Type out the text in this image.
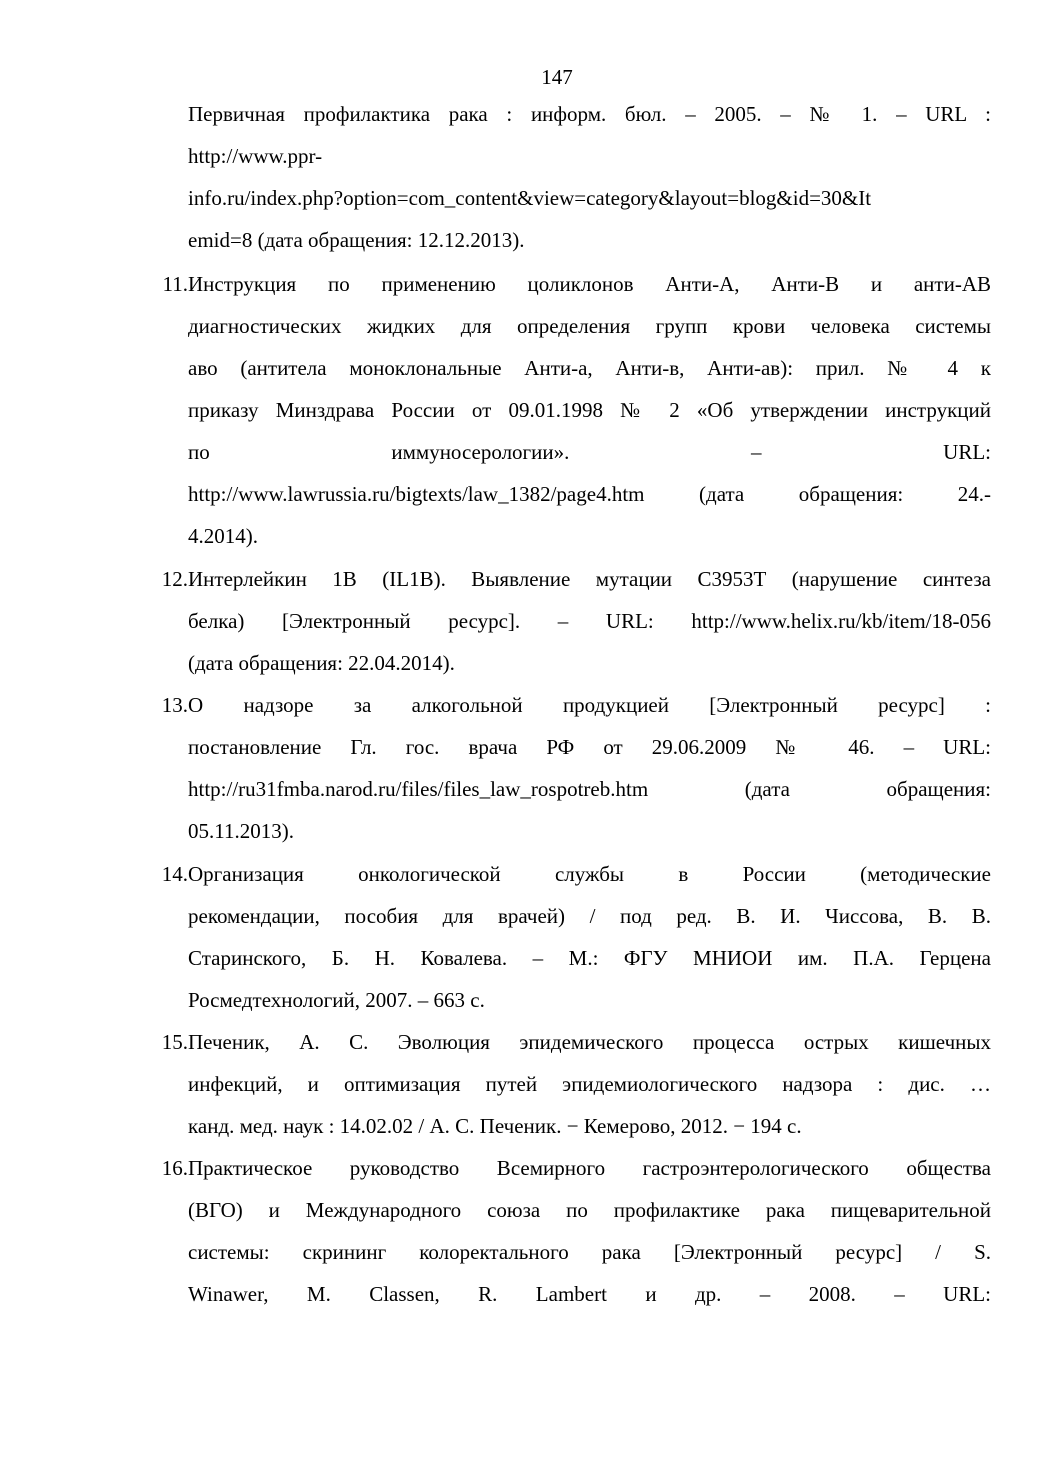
147
Первичная профилактика рака : информ. бюл. – 2005. – № 1. – URL :
http://www.ppr-
info.ru/index.php?option=com_content&view=category&layout=blog&id=30&It
emid=8 (дата обращения: 12.12.2013).
11. Инструкция по применению цоликлонов Анти-А, Анти-В и анти-АВ
диагностических жидких для определения групп крови человека системы
аво (антитела моноклональные Анти-а, Анти-в, Анти-ав): прил. № 4 к
приказу Минздрава России от 09.01.1998 № 2 «Об утверждении инструкций
по иммуносерологии». – URL:
http://www.lawrussia.ru/bigtexts/law_1382/page4.htm (дата обращения: 24.-
4.2014).
12. Интерлейкин 1В (IL1B). Выявление мутации С3953Т (нарушение синтеза
белка) [Электронный ресурс]. – URL: http://www.helix.ru/kb/item/18-056
(дата обращения: 22.04.2014).
13. О надзоре за алкогольной продукцией [Электронный ресурс] :
постановление Гл. гос. врача РФ от 29.06.2009 № 46. – URL:
http://ru31fmba.narod.ru/files/files_law_rospotreb.htm (дата обращения:
05.11.2013).
14. Организация онкологической службы в России (методические
рекомендации, пособия для врачей) / под ред. В. И. Чиссова, В. В.
Старинского, Б. Н. Ковалева. – М.: ФГУ МНИОИ им. П.А. Герцена
Росмедтехнологий, 2007. – 663 с.
15. Печеник, А. С. Эволюция эпидемического процесса острых кишечных
инфекций, и оптимизация путей эпидемиологического надзора : дис. …
канд. мед. наук : 14.02.02 / А. С. Печеник. − Кемерово, 2012. − 194 с.
16. Практическое руководство Всемирного гастроэнтерологического общества
(ВГО) и Международного союза по профилактике рака пищеварительной
системы: скрининг колоректального рака [Электронный ресурс] / S.
Winawer, M. Classen, R. Lambert и др. – 2008. – URL:
